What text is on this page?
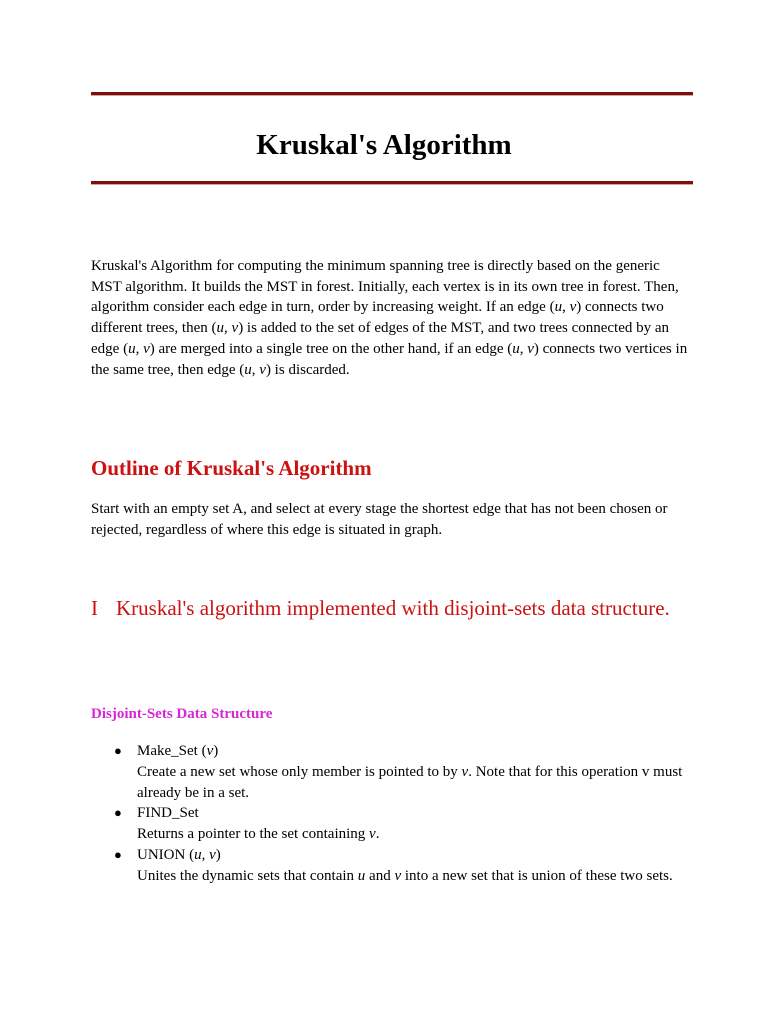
Kruskal's Algorithm

Kruskal's Algorithm for computing the minimum spanning tree is directly based on the generic MST algorithm. It builds the MST in forest. Initially, each vertex is in its own tree in forest. Then, algorithm consider each edge in turn, order by increasing weight. If an edge (u, v) connects two different trees, then (u, v) is added to the set of edges of the MST, and two trees connected by an edge (u, v) are merged into a single tree on the other hand, if an edge (u, v) connects two vertices in the same tree, then edge (u, v) is discarded.

Outline of Kruskal's Algorithm

Start with an empty set A, and select at every stage the shortest edge that has not been chosen or rejected, regardless of where this edge is situated in graph.

I Kruskal's algorithm implemented with disjoint-sets data structure.
Disjoint-Sets Data Structure
● Make_Set (v)
Create a new set whose only member is pointed to by v. Note that for this operation v must already be in a set.
● FIND_Set
Returns a pointer to the set containing v.
● UNION (u, v)
Unites the dynamic sets that contain u and v into a new set that is union of these two sets.
